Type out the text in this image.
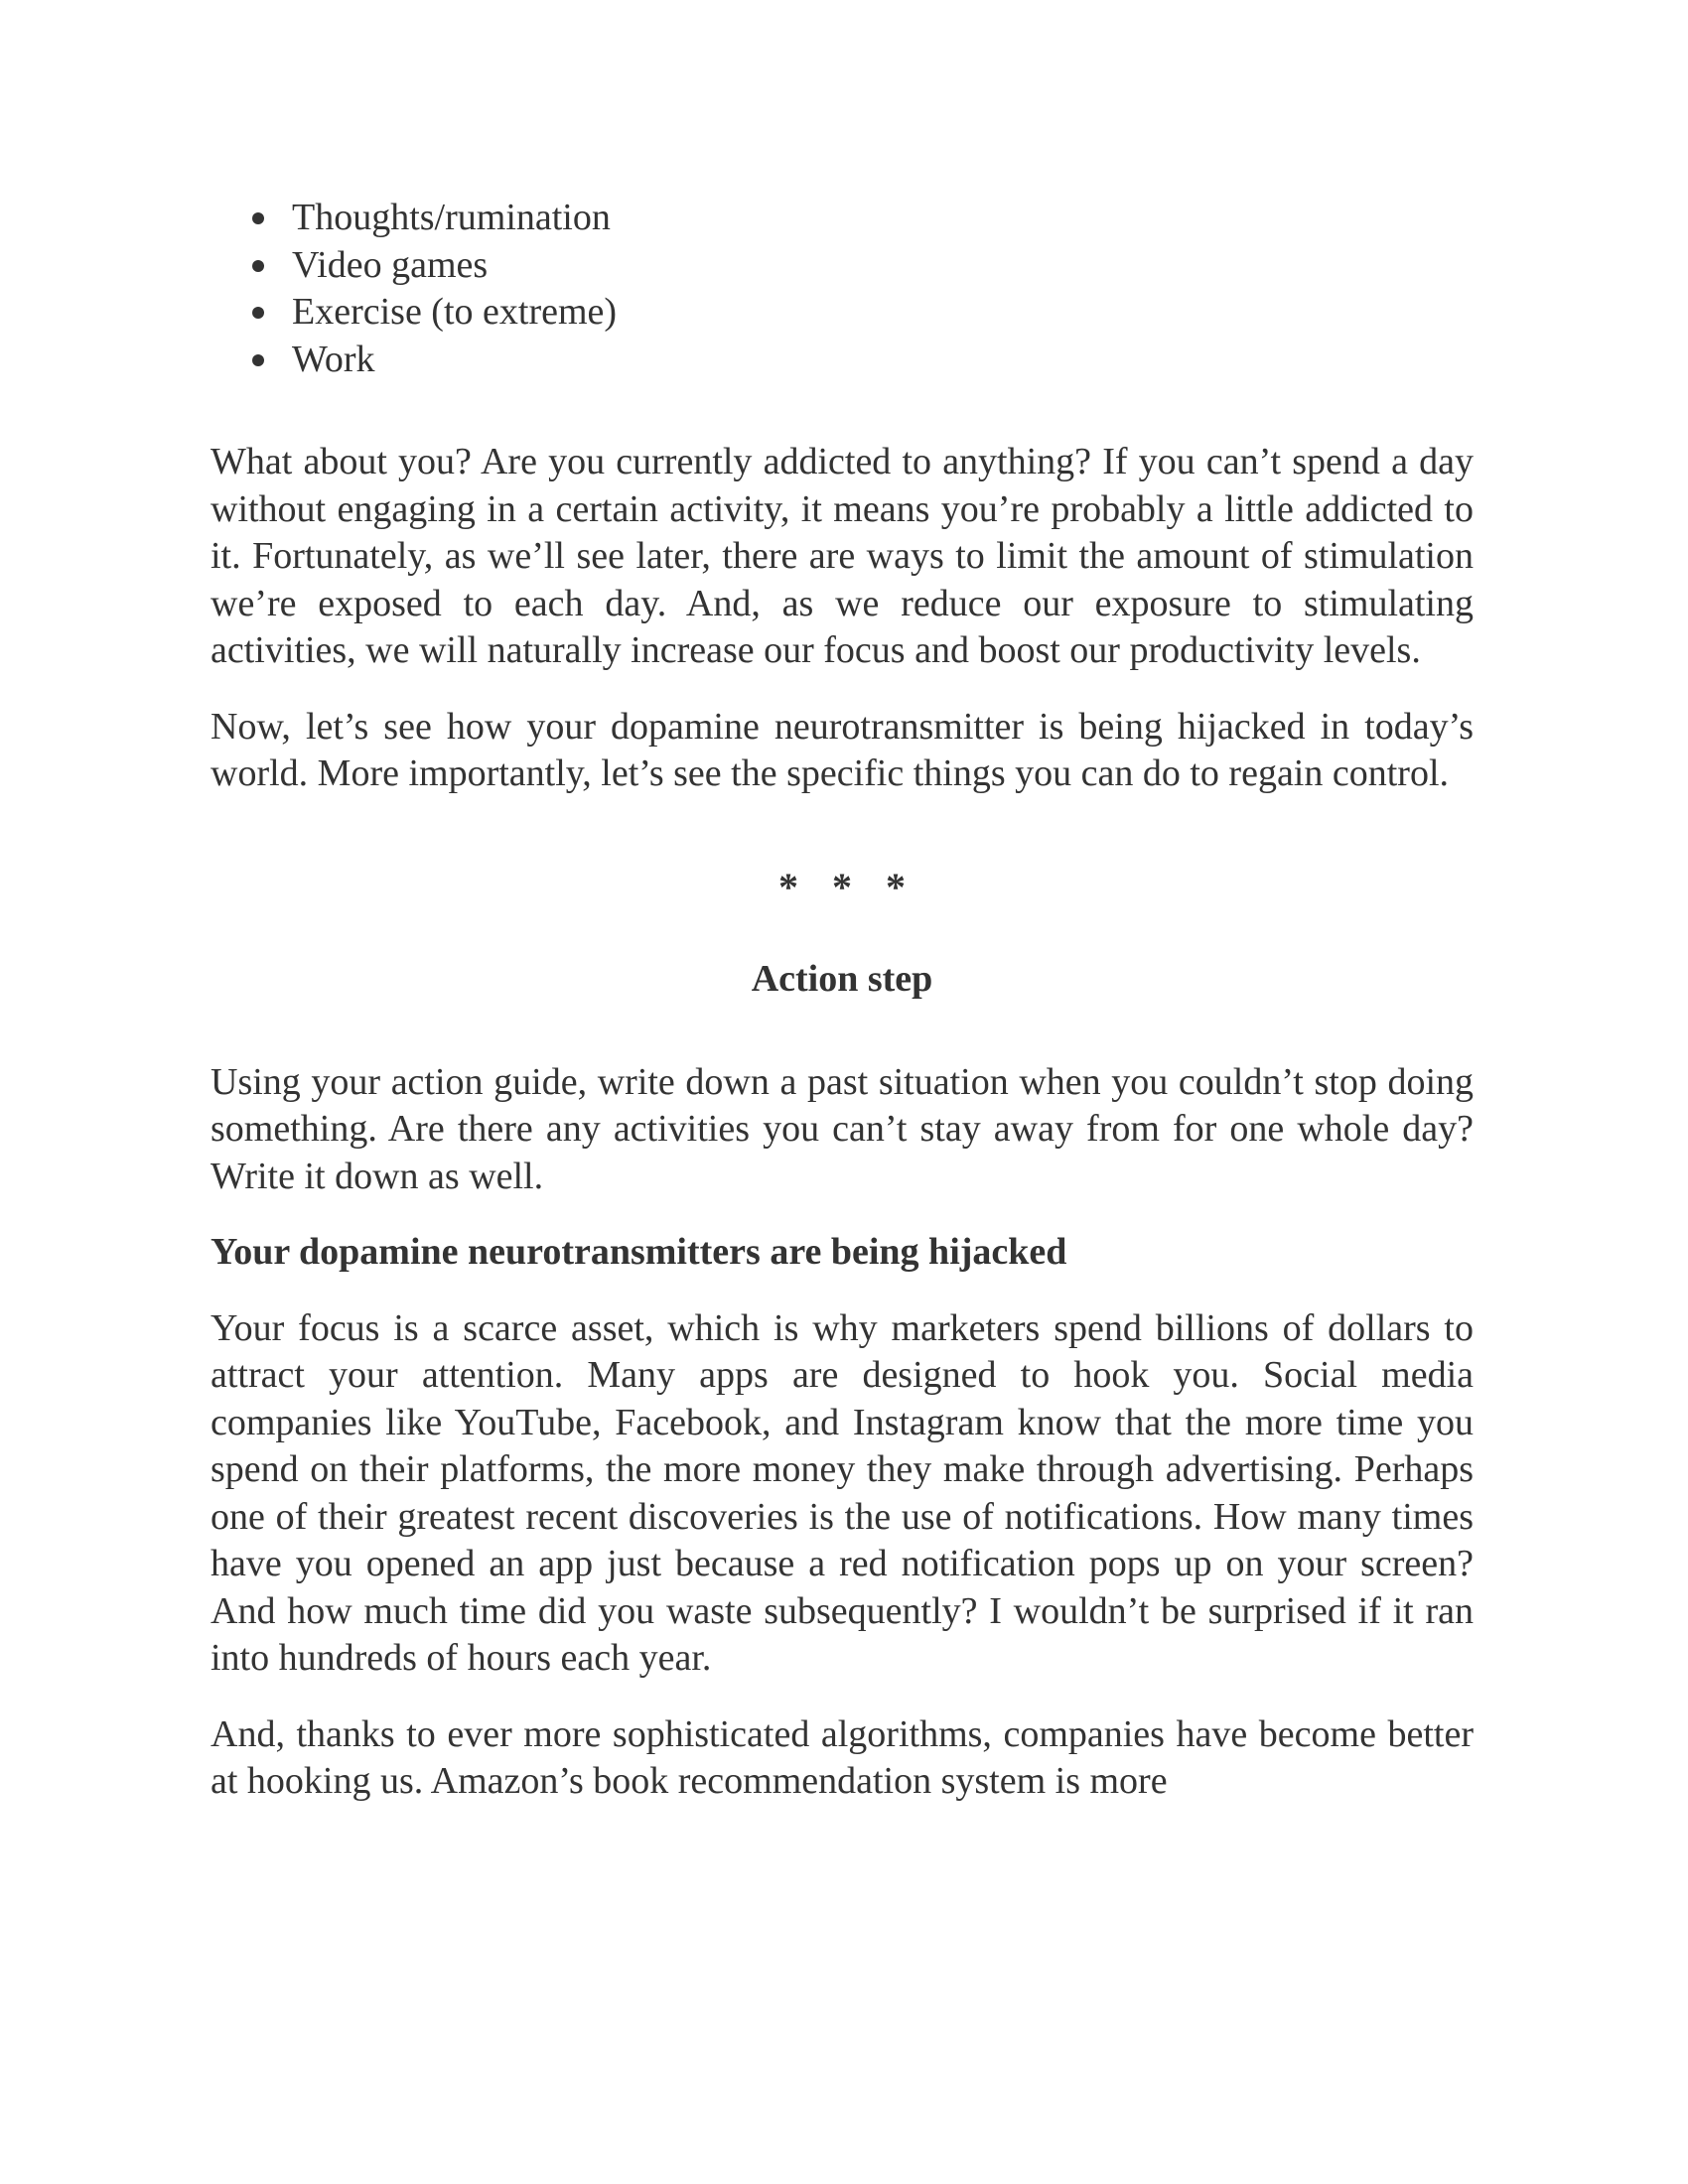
Thoughts/rumination
Video games
Exercise (to extreme)
Work

What about you? Are you currently addicted to anything? If you can’t spend a day without engaging in a certain activity, it means you’re probably a little addicted to it. Fortunately, as we’ll see later, there are ways to limit the amount of stimulation we’re exposed to each day. And, as we reduce our exposure to stimulating activities, we will naturally increase our focus and boost our productivity levels.

Now, let’s see how your dopamine neurotransmitter is being hijacked in today’s world. More importantly, let’s see the specific things you can do to regain control.

* * *
Action step

Using your action guide, write down a past situation when you couldn’t stop doing something. Are there any activities you can’t stay away from for one whole day? Write it down as well.

Your dopamine neurotransmitters are being hijacked

Your focus is a scarce asset, which is why marketers spend billions of dollars to attract your attention. Many apps are designed to hook you. Social media companies like YouTube, Facebook, and Instagram know that the more time you spend on their platforms, the more money they make through advertising. Perhaps one of their greatest recent discoveries is the use of notifications. How many times have you opened an app just because a red notification pops up on your screen? And how much time did you waste subsequently? I wouldn’t be surprised if it ran into hundreds of hours each year.

And, thanks to ever more sophisticated algorithms, companies have become better at hooking us. Amazon’s book recommendation system is more
